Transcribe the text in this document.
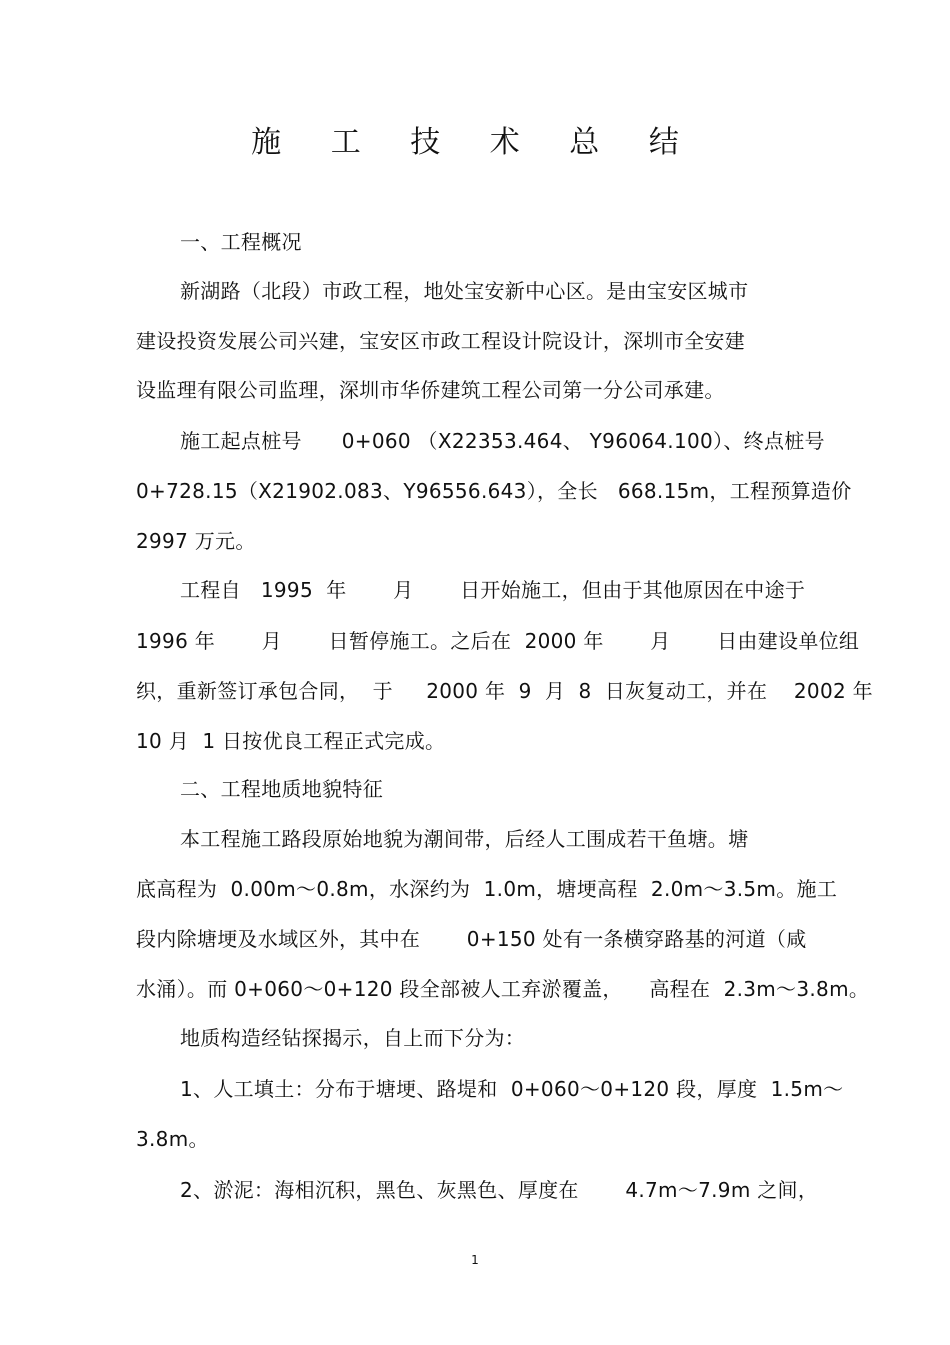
施 工 技 术 总 结
一、工程概况
新湖路（北段）市政工程，地处宝安新中心区。是由宝安区城市
建设投资发展公司兴建，宝安区市政工程设计院设计，深圳市全安建
设监理有限公司监理，深圳市华侨建筑工程公司第一分公司承建。
施工起点桩号      0+060 （X22353.464、 Y96064.100）、终点桩号
0+728.15（X21902.083、Y96556.643），全长   668.15m，工程预算造价
2997 万元。
工程自   1995  年       月       日开始施工，但由于其他原因在中途于
1996 年       月       日暂停施工。之后在  2000 年       月       日由建设单位组
织，重新签订承包合同，  于     2000 年  9  月  8  日灰复动工，并在    2002 年
10 月  1 日按优良工程正式完成。
二、工程地质地貌特征
本工程施工路段原始地貌为潮间带，后经人工围成若干鱼塘。塘
底高程为  0.00m～0.8m，水深约为  1.0m，塘埂高程  2.0m～3.5m。施工
段内除塘埂及水域区外，其中在       0+150 处有一条横穿路基的河道（咸
水涌）。而 0+060～0+120 段全部被人工弃淤覆盖，    高程在  2.3m～3.8m。
地质构造经钻探揭示，自上而下分为：
1、人工填土：分布于塘埂、路堤和  0+060～0+120 段，厚度  1.5m～
3.8m。
2、淤泥：海相沉积，黑色、灰黑色、厚度在       4.7m～7.9m 之间，
1
